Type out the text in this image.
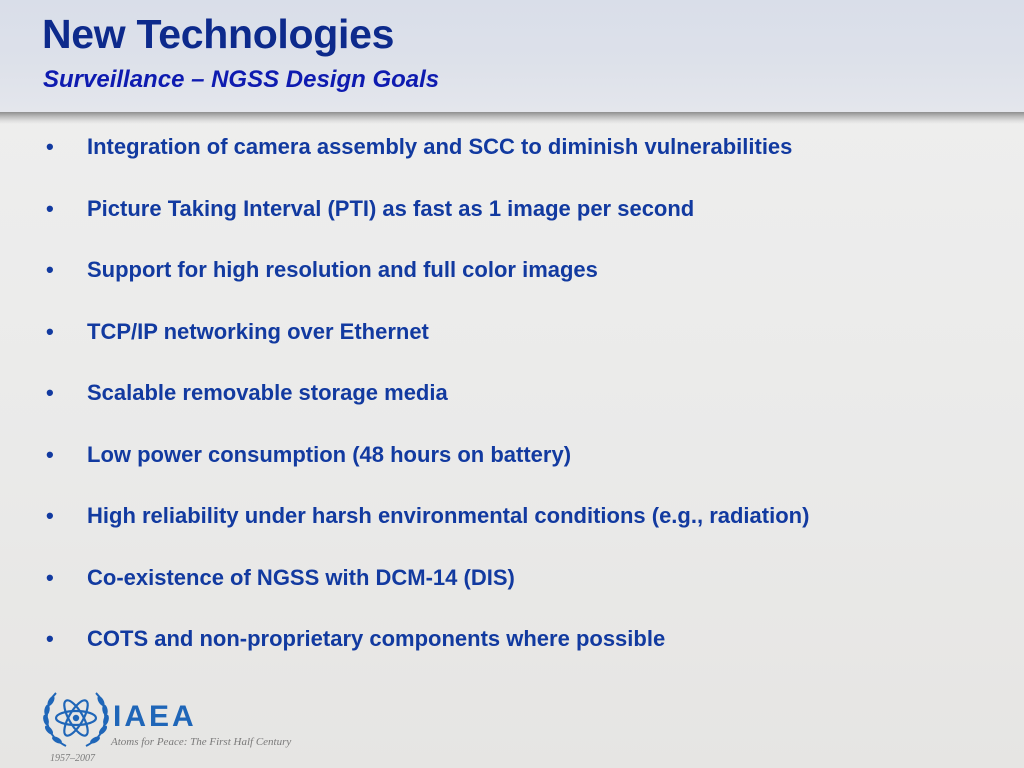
New Technologies
Surveillance – NGSS Design Goals
• Integration of camera assembly and SCC to diminish vulnerabilities
• Picture Taking Interval (PTI) as fast as 1 image per second
• Support for high resolution and full color images
• TCP/IP networking over Ethernet
• Scalable removable storage media
• Low power consumption (48 hours on battery)
• High reliability under harsh environmental conditions (e.g., radiation)
• Co-existence of NGSS with DCM-14 (DIS)
• COTS and non-proprietary components where possible
IAEA
Atoms for Peace: The First Half Century
1957–2007
